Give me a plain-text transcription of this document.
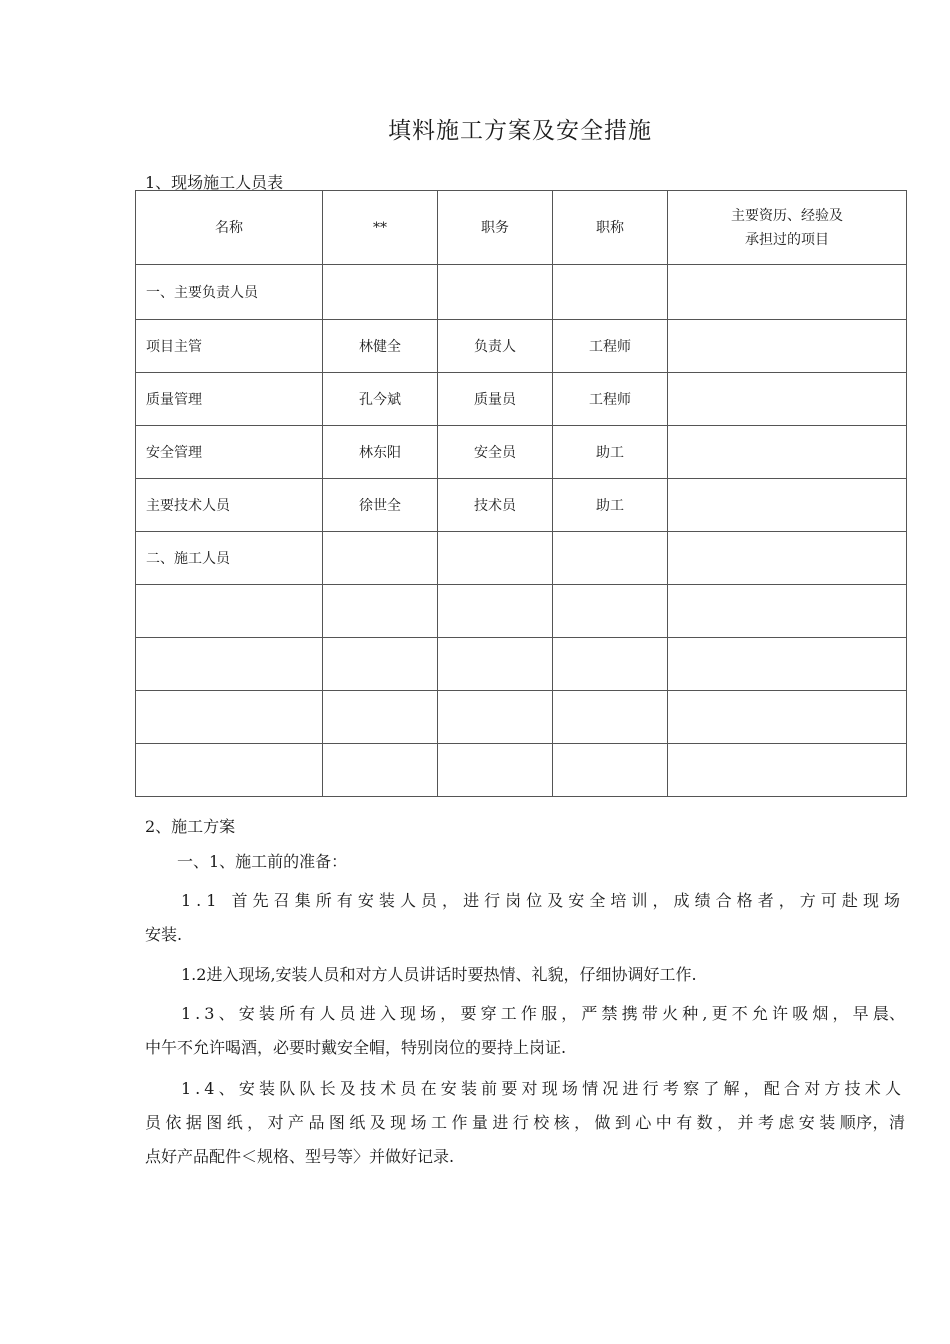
填料施工方案及安全措施
1、现场施工人员表
名称	**	职务	职称	主要资历、经验及
承担过的项目

一、主要负责人员				
项目主管	林健全	负责人	工程师	
质量管理	孔今斌	质量员	工程师	
安全管理	林东阳	安全员	助工	
主要技术人员	徐世全	技术员	助工	
二、施工人员				

2、施工方案

一、1、施工前的准备：

1.1 首先召集所有安装人员，进行岗位及安全培训，成绩合格者，方可赴现场安装.

1.2进入现场,安装人员和对方人员讲话时要热情、礼貌，仔细协调好工作.

1.3、安装所有人员进入现场，要穿工作服，严禁携带火种,更不允许吸烟，早晨、中午不允许喝酒，必要时戴安全帽，特别岗位的要持上岗证.

1.4、安装队队长及技术员在安装前要对现场情况进行考察了解，配合对方技术人员依据图纸，对产品图纸及现场工作量进行校核，做到心中有数，并考虑安装顺序，清点好产品配件＜规格、型号等〉并做好记录.
